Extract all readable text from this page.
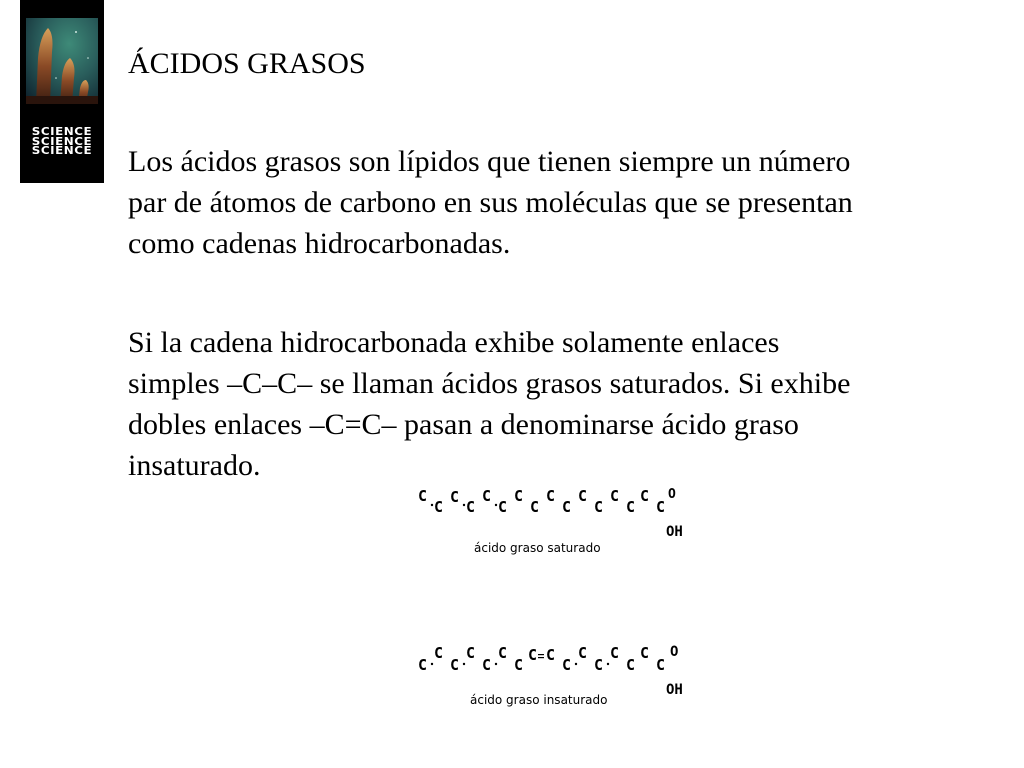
SCIENCE
SCIENCE
SCIENCE
ÁCIDOS GRASOS

Los ácidos grasos son lípidos que tienen siempre un número
par de átomos de carbono en sus moléculas que se presentan
como cadenas hidrocarbonadas.

Si la cadena hidrocarbonada exhibe solamente enlaces
simples –C–C– se llaman ácidos grasos saturados. Si exhibe
dobles enlaces –C=C– pasan a denominarse ácido graso
insaturado.

C
C
C
C
C
C
C
C
C
C
C
C
C
C
C
C
O
OH
ácido graso saturado
C
C
C
C
C
C
C
C C
C
C
C
C
C
C
C
O
OH
ácido graso insaturado
